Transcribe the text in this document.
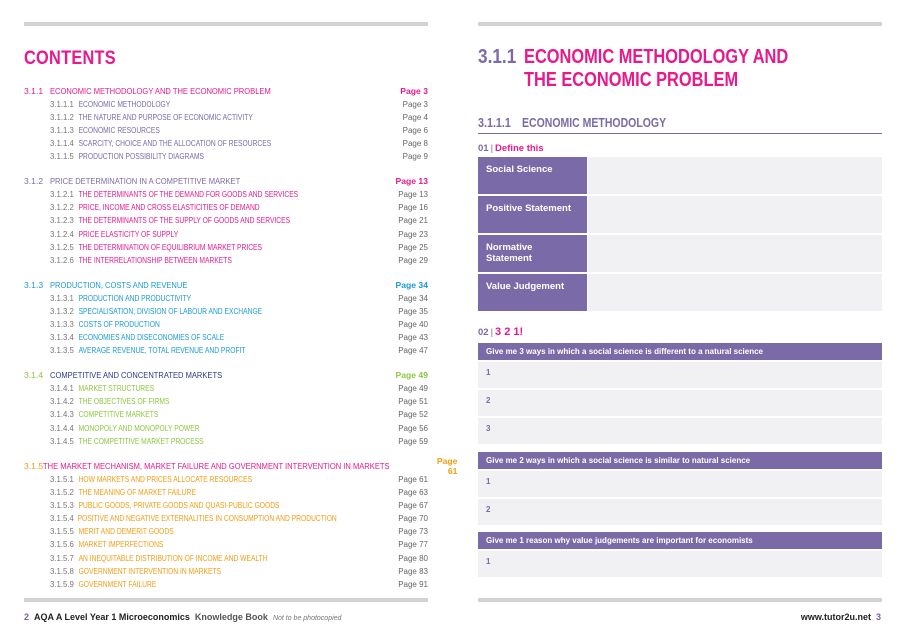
CONTENTS
3.1.1 ECONOMIC METHODOLOGY AND THE ECONOMIC PROBLEM	Page 3
3.1.1.1 ECONOMIC METHODOLOGY	Page 3
3.1.1.2 THE NATURE AND PURPOSE OF ECONOMIC ACTIVITY	Page 4
3.1.1.3 ECONOMIC RESOURCES	Page 6
3.1.1.4 SCARCITY, CHOICE AND THE ALLOCATION OF RESOURCES	Page 8
3.1.1.5 PRODUCTION POSSIBILITY DIAGRAMS	Page 9
3.1.2 PRICE DETERMINATION IN A COMPETITIVE MARKET	Page 13
3.1.2.1 THE DETERMINANTS OF THE DEMAND FOR GOODS AND SERVICES	Page 13
3.1.2.2 PRICE, INCOME AND CROSS ELASTICITIES OF DEMAND	Page 16
3.1.2.3 THE DETERMINANTS OF THE SUPPLY OF GOODS AND SERVICES	Page 21
3.1.2.4 PRICE ELASTICITY OF SUPPLY	Page 23
3.1.2.5 THE DETERMINATION OF EQUILIBRIUM MARKET PRICES	Page 25
3.1.2.6 THE INTERRELATIONSHIP BETWEEN MARKETS	Page 29
3.1.3 PRODUCTION, COSTS AND REVENUE	Page 34
3.1.3.1 PRODUCTION AND PRODUCTIVITY	Page 34
3.1.3.2 SPECIALISATION, DIVISION OF LABOUR AND EXCHANGE	Page 35
3.1.3.3 COSTS OF PRODUCTION	Page 40
3.1.3.4 ECONOMIES AND DISECONOMIES OF SCALE	Page 43
3.1.3.5 AVERAGE REVENUE, TOTAL REVENUE AND PROFIT	Page 47
3.1.4 COMPETITIVE AND CONCENTRATED MARKETS	Page 49
3.1.4.1 MARKET STRUCTURES	Page 49
3.1.4.2 THE OBJECTIVES OF FIRMS	Page 51
3.1.4.3 COMPETITIVE MARKETS	Page 52
3.1.4.4 MONOPOLY AND MONOPOLY POWER	Page 56
3.1.4.5 THE COMPETITIVE MARKET PROCESS	Page 59
3.1.5 THE MARKET MECHANISM, MARKET FAILURE AND GOVERNMENT INTERVENTION IN MARKETS	Page 61
3.1.5.1 HOW MARKETS AND PRICES ALLOCATE RESOURCES	Page 61
3.1.5.2 THE MEANING OF MARKET FAILURE	Page 63
3.1.5.3 PUBLIC GOODS, PRIVATE GOODS AND QUASI-PUBLIC GOODS	Page 67
3.1.5.4 POSITIVE AND NEGATIVE EXTERNALITIES IN CONSUMPTION AND PRODUCTION	Page 70
3.1.5.5 MERIT AND DEMERIT GOODS	Page 73
3.1.5.6 MARKET IMPERFECTIONS	Page 77
3.1.5.7 AN INEQUITABLE DISTRIBUTION OF INCOME AND WEALTH	Page 80
3.1.5.8 GOVERNMENT INTERVENTION IN MARKETS	Page 83
3.1.5.9 GOVERNMENT FAILURE	Page 91
2 AQA A Level Year 1 Microeconomics Knowledge Book Not to be photocopied	www.tutor2u.net 3
3.1.1 ECONOMIC METHODOLOGY AND THE ECONOMIC PROBLEM
3.1.1.1 ECONOMIC METHODOLOGY
01 | Define this
Social Science
Positive Statement
Normative Statement
Value Judgement
02 | 3 2 1!
Give me 3 ways in which a social science is different to a natural science
1
2
3
Give me 2 ways in which a social science is similar to natural science
1
2
Give me 1 reason why value judgements are important for economists
1
